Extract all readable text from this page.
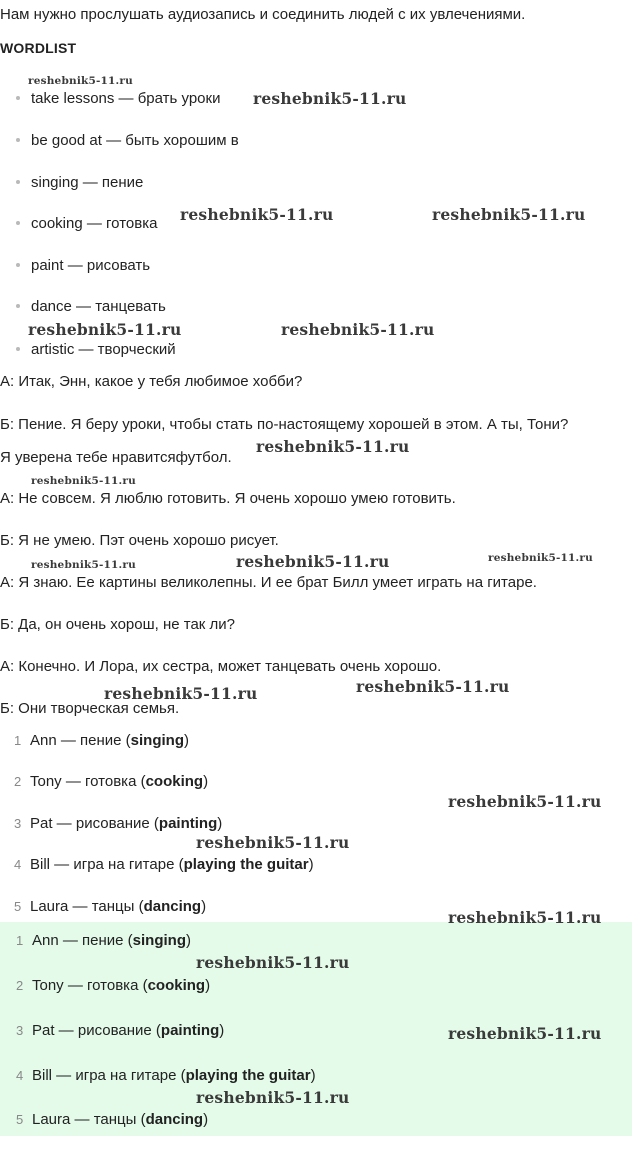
Нам нужно прослушать аудиозапись и соединить людей с их увлечениями.
WORDLIST
take lessons — брать уроки
be good at — быть хорошим в
singing — пение
cooking — готовка
paint — рисовать
dance — танцевать
artistic — творческий
А: Итак, Энн, какое у тебя любимое хобби?
Б: Пение. Я беру уроки, чтобы стать по-настоящему хорошей в этом. А ты, Тони?
Я уверена тебе нравитсяфутбол.
А: Не совсем. Я люблю готовить. Я очень хорошо умею готовить.
Б: Я не умею. Пэт очень хорошо рисует.
А: Я знаю. Ее картины великолепны. И ее брат Билл умеет играть на гитаре.
Б: Да, он очень хорош, не так ли?
А: Конечно. И Лора, их сестра, может танцевать очень хорошо.
Б: Они творческая семья.
1 Ann — пение (singing)
2 Tony — готовка (cooking)
3 Pat — рисование (painting)
4 Bill — игра на гитаре (playing the guitar)
5 Laura — танцы (dancing)
1 Ann — пение (singing)
2 Tony — готовка (cooking)
3 Pat — рисование (painting)
4 Bill — игра на гитаре (playing the guitar)
5 Laura — танцы (dancing)
reshebnik5-11.ru
reshebnik5-11.ru
reshebnik5-11.ru	reshebnik5-11.ru
reshebnik5-11.ru	reshebnik5-11.ru
reshebnik5-11.ru
reshebnik5-11.ru
reshebnik5-11.ru	reshebnik5-11.ru	reshebnik5-11.ru
reshebnik5-11.ru	reshebnik5-11.ru
reshebnik5-11.ru
reshebnik5-11.ru
reshebnik5-11.ru
reshebnik5-11.ru
reshebnik5-11.ru
reshebnik5-11.ru
